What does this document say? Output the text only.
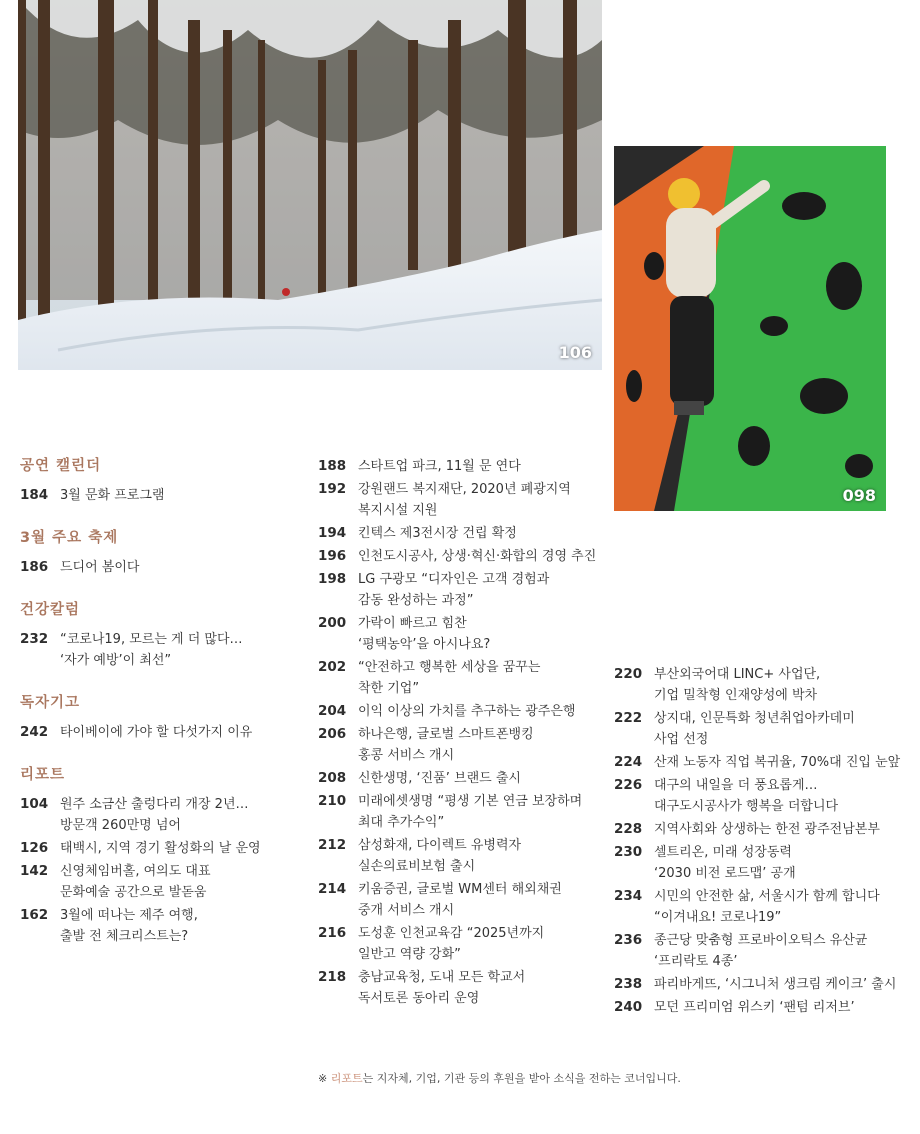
106
098
공연 캘린더
184 3월 문화 프로그램
3월 주요 축제
186 드디어 봄이다
건강칼럼
232 “코로나19, 모르는 게 더 많다…
‘자가 예방’이 최선”
독자기고
242 타이베이에 가야 할 다섯가지 이유
리포트
104 원주 소금산 출렁다리 개장 2년…
방문객 260만명 넘어
126 태백시, 지역 경기 활성화의 날 운영
142 신영체임버홀, 여의도 대표
문화예술 공간으로 발돋움
162 3월에 떠나는 제주 여행,
출발 전 체크리스트는?
188 스타트업 파크, 11월 문 연다
192 강원랜드 복지재단, 2020년 폐광지역
복지시설 지원
194 킨텍스 제3전시장 건립 확정
196 인천도시공사, 상생·혁신·화합의 경영 추진
198 LG 구광모 “디자인은 고객 경험과
감동 완성하는 과정”
200 가락이 빠르고 힘찬
‘평택농악’을 아시나요?
202 “안전하고 행복한 세상을 꿈꾸는
착한 기업”
204 이익 이상의 가치를 추구하는 광주은행
206 하나은행, 글로벌 스마트폰뱅킹
홍콩 서비스 개시
208 신한생명, ‘진품’ 브랜드 출시
210 미래에셋생명 “평생 기본 연금 보장하며
최대 추가수익”
212 삼성화재, 다이렉트 유병력자
실손의료비보험 출시
214 키움증권, 글로벌 WM센터 해외채권
중개 서비스 개시
216 도성훈 인천교육감 “2025년까지
일반고 역량 강화”
218 충남교육청, 도내 모든 학교서
독서토론 동아리 운영
220 부산외국어대 LINC+ 사업단,
기업 밀착형 인재양성에 박차
222 상지대, 인문특화 청년취업아카데미
사업 선정
224 산재 노동자 직업 복귀율, 70%대 진입 눈앞
226 대구의 내일을 더 풍요롭게…
대구도시공사가 행복을 더합니다
228 지역사회와 상생하는 한전 광주전남본부
230 셀트리온, 미래 성장동력
‘2030 비전 로드맵’ 공개
234 시민의 안전한 삶, 서울시가 함께 합니다
“이겨내요! 코로나19”
236 종근당 맞춤형 프로바이오틱스 유산균
‘프리락토 4종’
238 파리바게뜨, ‘시그니처 생크림 케이크’ 출시
240 모던 프리미엄 위스키 ‘팬텀 리저브’
※ 리포트는 지자체, 기업, 기관 등의 후원을 받아 소식을 전하는 코너입니다.
